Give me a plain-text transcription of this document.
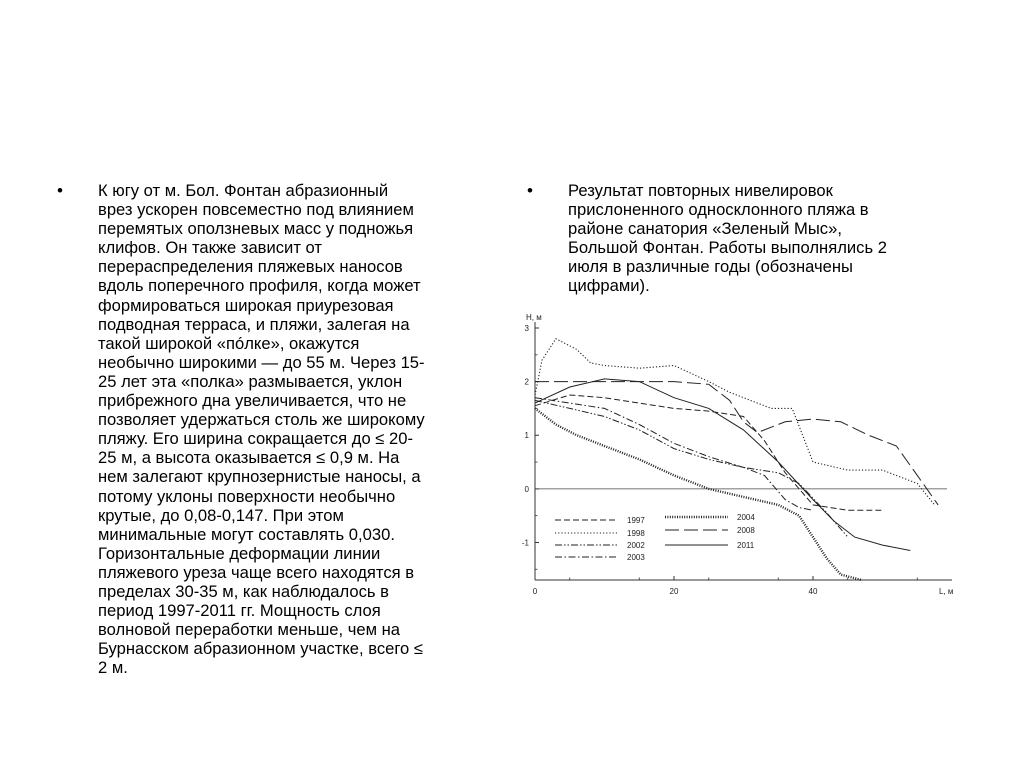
•	К югу от м. Бол. Фонтан абразионный
врез ускорен повсеместно под влиянием
перемятых оползневых масс у подножья
клифов. Он также зависит от
перераспределения пляжевых наносов
вдоль поперечного профиля, когда может
формироваться широкая приурезовая
подводная терраса, и пляжи, залегая на
такой широкой «пóлке», окажутся
необычно широкими — до 55 м. Через 15-
25 лет эта «полка» размывается, уклон
прибрежного дна увеличивается, что не
позволяет удержаться столь же широкому
пляжу. Его ширина сокращается до ≤ 20-
25 м, а высота оказывается ≤ 0,9 м. На
нем залегают крупнозернистые наносы, а
потому уклоны поверхности необычно
крутые, до 0,08-0,147. При этом
минимальные могут составлять 0,030.
Горизонтальные деформации линии
пляжевого уреза чаще всего находятся в
пределах 30-35 м, как наблюдалось в
период 1997-2011 гг. Мощность слоя
волновой переработки меньше, чем на
Бурнасском абразионном участке, всего ≤
2 м.
•	Результат повторных нивелировок
прислоненного односклонного пляжа в
районе санатория «Зеленый Мыс»,
Большой Фонтан. Работы выполнялись 2
июля в различные годы (обозначены
цифрами).
H, м
L, м
3
2
1
0
-1
0	20	40
1997
1998
2002
2003
2004
2008
2011
